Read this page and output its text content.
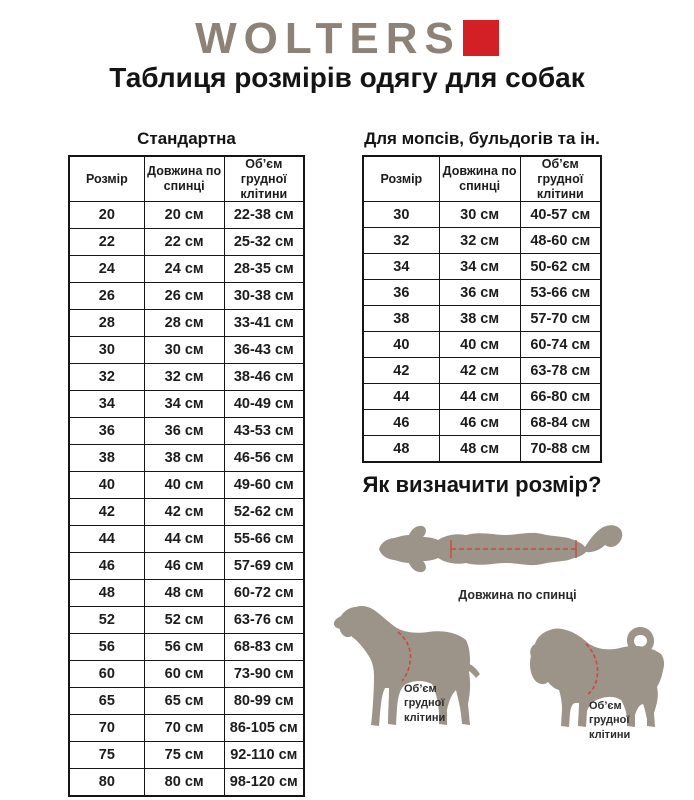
WOLTERS
Таблиця розмірів одягу для собак
Стандартна	Для мопсів, бульдогів та ін.
Розмір	Довжина по спинці	Об’єм грудної клітини
20	20 см	22-38 см
22	22 см	25-32 см
24	24 см	28-35 см
26	26 см	30-38 см
28	28 см	33-41 см
30	30 см	36-43 см
32	32 см	38-46 см
34	34 см	40-49 см
36	36 см	43-53 см
38	38 см	46-56 см
40	40 см	49-60 см
42	42 см	52-62 см
44	44 см	55-66 см
46	46 см	57-69 см
48	48 см	60-72 см
52	52 см	63-76 см
56	56 см	68-83 см
60	60 см	73-90 см
65	65 см	80-99 см
70	70 см	86-105 см
75	75 см	92-110 см
80	80 см	98-120 см
Розмір	Довжина по спинці	Об’єм грудної клітини
30	30 см	40-57 см
32	32 см	48-60 см
34	34 см	50-62 см
36	36 см	53-66 см
38	38 см	57-70 см
40	40 см	60-74 см
42	42 см	63-78 см
44	44 см	66-80 см
46	46 см	68-84 см
48	48 см	70-88 см
Як визначити розмір?
Довжина по спинці
Об’єм
грудної
клітини
Об’єм
грудної
клітини
